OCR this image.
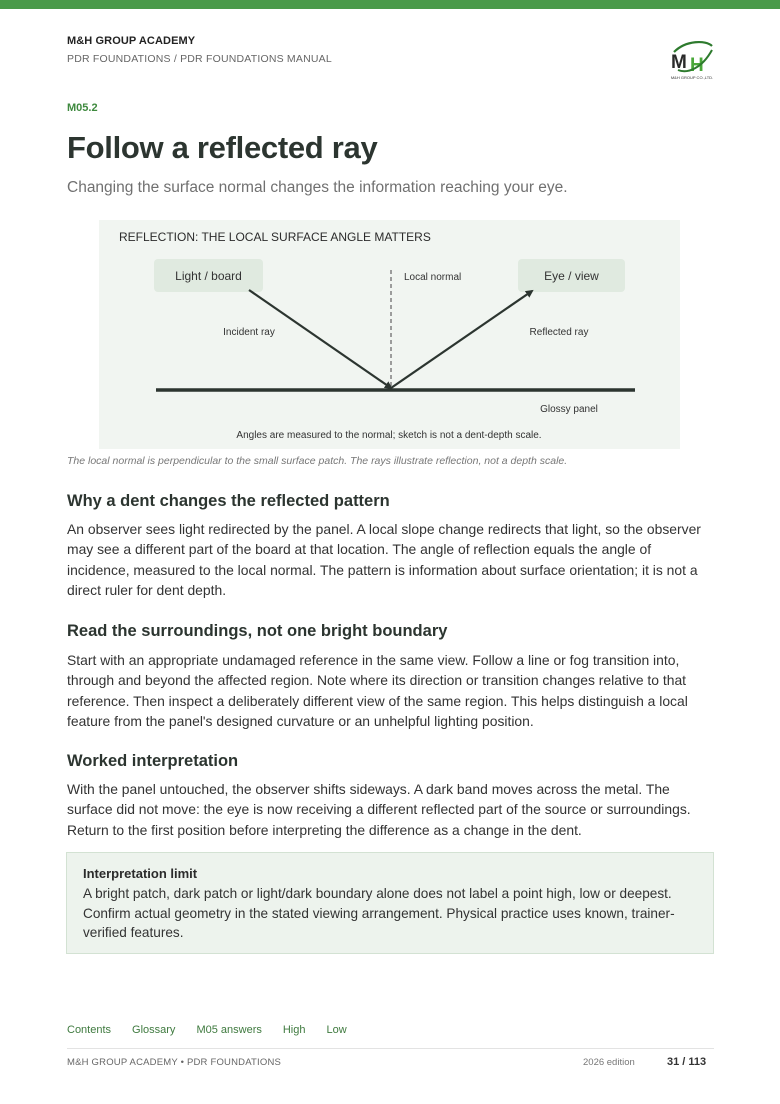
M&H GROUP ACADEMY
PDR FOUNDATIONS / PDR FOUNDATIONS MANUAL	M H
M&H GROUP CO.,LTD.
M05.2
Follow a reflected ray
Changing the surface normal changes the information reaching your eye.
REFLECTION: THE LOCAL SURFACE ANGLE MATTERS
Light / board	Eye / view
Local normal
Incident ray	Reflected ray
Glossy panel
Angles are measured to the normal; sketch is not a dent-depth scale.
The local normal is perpendicular to the small surface patch. The rays illustrate reflection, not a depth scale.
Why a dent changes the reflected pattern

An observer sees light redirected by the panel. A local slope change redirects that light, so the observer may see a different part of the board at that location. The angle of reflection equals the angle of incidence, measured to the local normal. The pattern is information about surface orientation; it is not a direct ruler for dent depth.

Read the surroundings, not one bright boundary

Start with an appropriate undamaged reference in the same view. Follow a line or fog transition into, through and beyond the affected region. Note where its direction or transition changes relative to that reference. Then inspect a deliberately different view of the same region. This helps distinguish a local feature from the panel's designed curvature or an unhelpful lighting position.

Worked interpretation

With the panel untouched, the observer shifts sideways. A dark band moves across the metal. The surface did not move: the eye is now receiving a different reflected part of the source or surroundings. Return to the first position before interpreting the difference as a change in the dent.

Interpretation limit
A bright patch, dark patch or light/dark boundary alone does not label a point high, low or deepest. Confirm actual geometry in the stated viewing arrangement. Physical practice uses known, trainer-verified features.
Contents Glossary M05 answers High Low
M&H GROUP ACADEMY • PDR FOUNDATIONS	2026 edition	31 / 113
